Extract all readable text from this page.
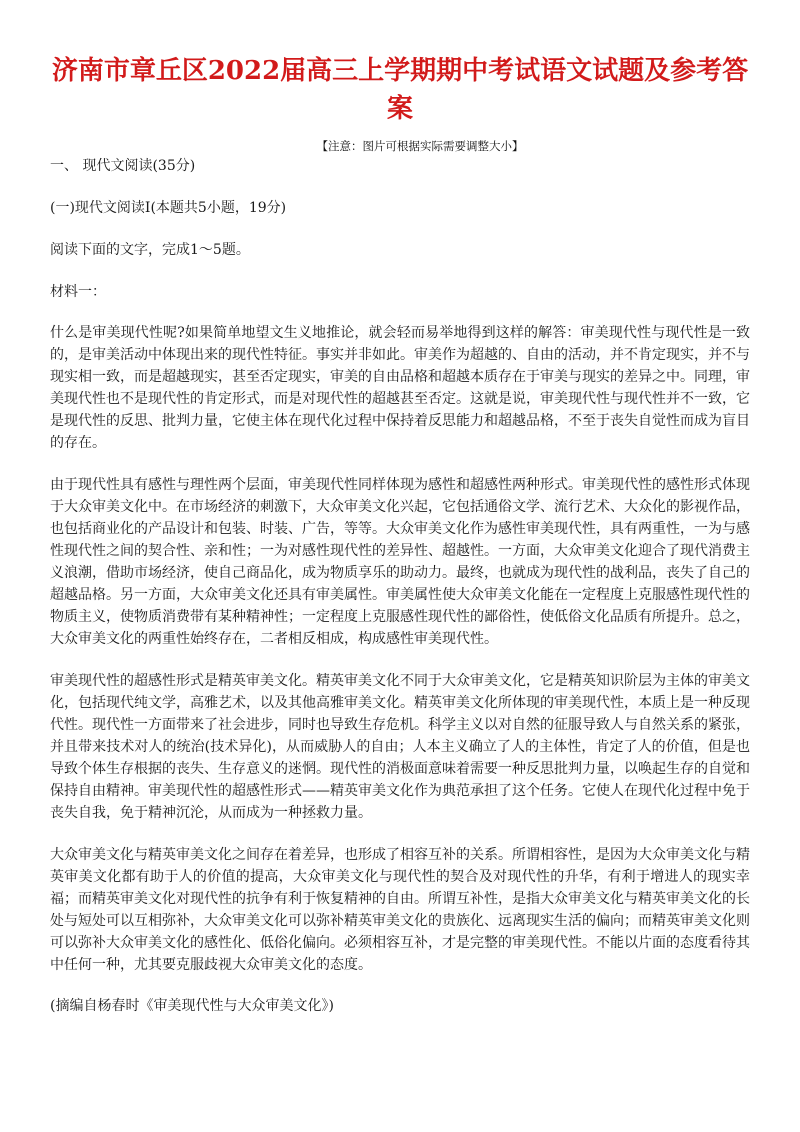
济南市章丘区2022届高三上学期期中考试语文试题及参考答案
【注意：图片可根据实际需要调整大小】
一、 现代文阅读(35分)
(一)现代文阅读Ⅰ(本题共5小题，19分)
阅读下面的文字，完成1～5题。
材料一：

什么是审美现代性呢?如果简单地望文生义地推论，就会轻而易举地得到这样的解答：审美现代性与现代性是一致的，是审美活动中体现出来的现代性特征。事实并非如此。审美作为超越的、自由的活动，并不肯定现实，并不与现实相一致，而是超越现实，甚至否定现实，审美的自由品格和超越本质存在于审美与现实的差异之中。同理，审美现代性也不是现代性的肯定形式，而是对现代性的超越甚至否定。这就是说，审美现代性与现代性并不一致，它是现代性的反思、批判力量，它使主体在现代化过程中保持着反思能力和超越品格，不至于丧失自觉性而成为盲目的存在。

由于现代性具有感性与理性两个层面，审美现代性同样体现为感性和超感性两种形式。审美现代性的感性形式体现于大众审美文化中。在市场经济的刺激下，大众审美文化兴起，它包括通俗文学、流行艺术、大众化的影视作品，也包括商业化的产品设计和包装、时装、广告，等等。大众审美文化作为感性审美现代性，具有两重性，一为与感性现代性之间的契合性、亲和性；一为对感性现代性的差异性、超越性。一方面，大众审美文化迎合了现代消费主义浪潮，借助市场经济，使自己商品化，成为物质享乐的助动力。最终，也就成为现代性的战利品，丧失了自己的超越品格。另一方面，大众审美文化还具有审美属性。审美属性使大众审美文化能在一定程度上克服感性现代性的物质主义，使物质消费带有某种精神性；一定程度上克服感性现代性的鄙俗性，使低俗文化品质有所提升。总之，大众审美文化的两重性始终存在，二者相反相成，构成感性审美现代性。

审美现代性的超感性形式是精英审美文化。精英审美文化不同于大众审美文化，它是精英知识阶层为主体的审美文化，包括现代纯文学，高雅艺术，以及其他高雅审美文化。精英审美文化所体现的审美现代性，本质上是一种反现代性。现代性一方面带来了社会进步，同时也导致生存危机。科学主义以对自然的征服导致人与自然关系的紧张，并且带来技术对人的统治(技术异化)，从而威胁人的自由；人本主义确立了人的主体性，肯定了人的价值，但是也导致个体生存根据的丧失、生存意义的迷惘。现代性的消极面意味着需要一种反思批判力量，以唤起生存的自觉和保持自由精神。审美现代性的超感性形式——精英审美文化作为典范承担了这个任务。它使人在现代化过程中免于丧失自我，免于精神沉沦，从而成为一种拯救力量。

大众审美文化与精英审美文化之间存在着差异，也形成了相容互补的关系。所谓相容性，是因为大众审美文化与精英审美文化都有助于人的价值的提高，大众审美文化与现代性的契合及对现代性的升华，有利于增进人的现实幸福；而精英审美文化对现代性的抗争有利于恢复精神的自由。所谓互补性，是指大众审美文化与精英审美文化的长处与短处可以互相弥补，大众审美文化可以弥补精英审美文化的贵族化、远离现实生活的偏向；而精英审美文化则可以弥补大众审美文化的感性化、低俗化偏向。必须相容互补，才是完整的审美现代性。不能以片面的态度看待其中任何一种，尤其要克服歧视大众审美文化的态度。

(摘编自杨春时《审美现代性与大众审美文化》)
